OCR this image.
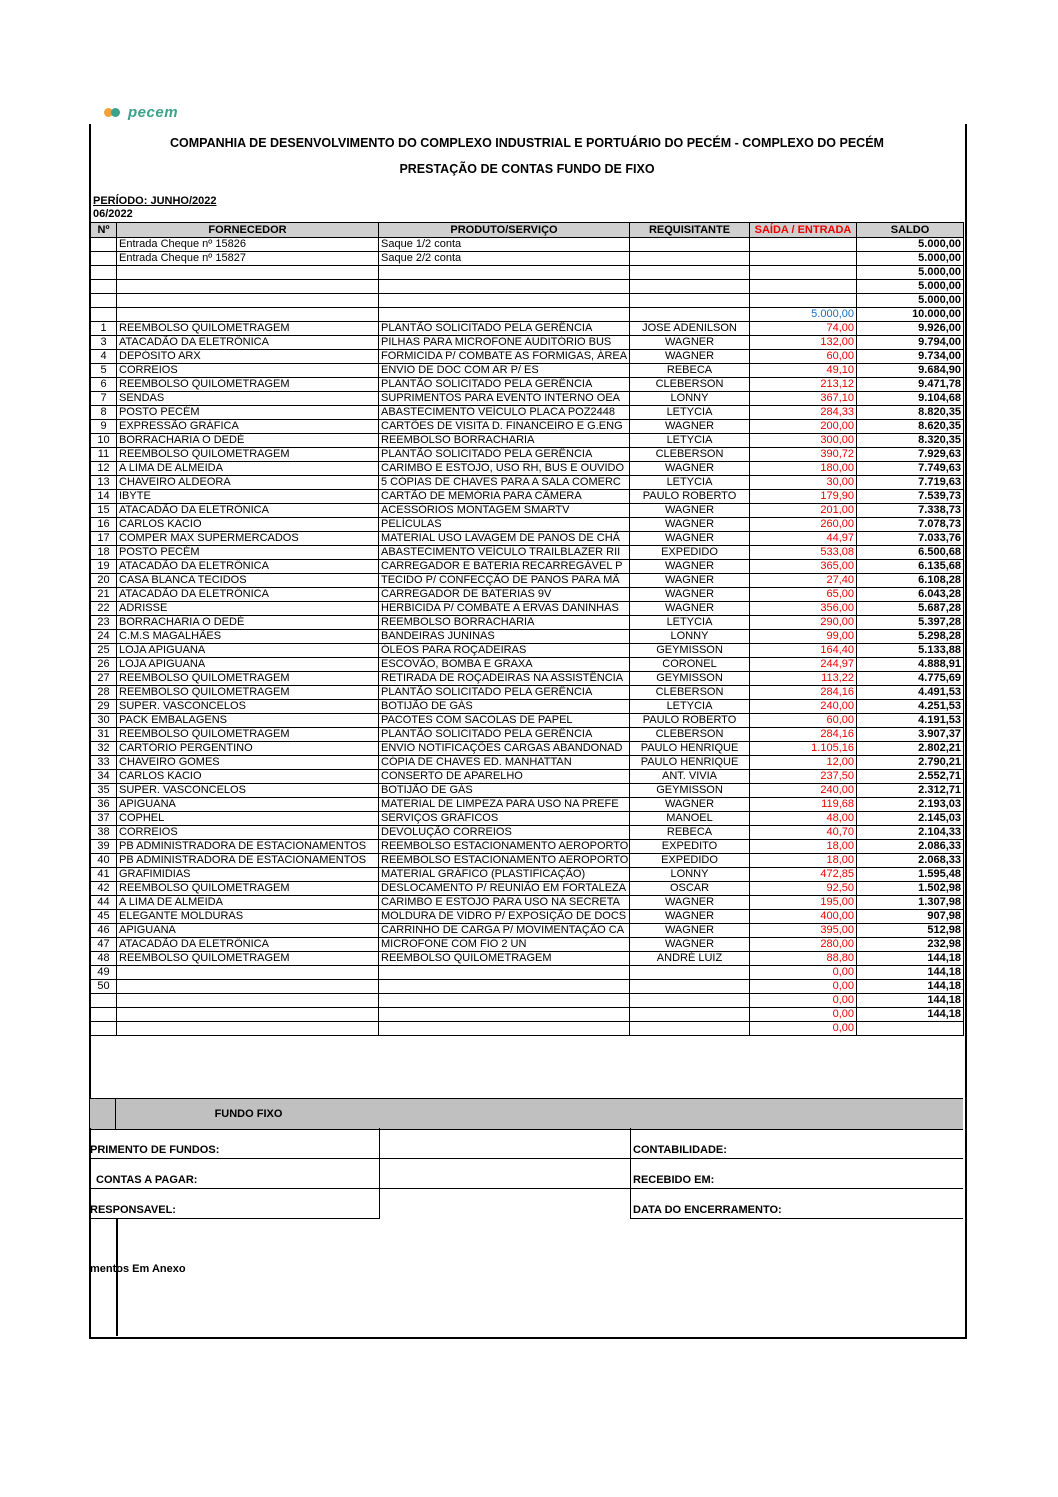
pecem
COMPANHIA DE DESENVOLVIMENTO DO COMPLEXO INDUSTRIAL E PORTUÁRIO DO PECÉM - COMPLEXO DO PECÉM
PRESTAÇÃO DE CONTAS FUNDO DE FIXO
PERÍODO: JUNHO/2022
06/2022
Nº	FORNECEDOR	PRODUTO/SERVIÇO	REQUISITANTE	SAÍDA / ENTRADA	SALDO
	Entrada Cheque nº 15826	Saque 1/2 conta			5.000,00
	Entrada Cheque nº 15827	Saque 2/2 conta			5.000,00
					5.000,00
					5.000,00
					5.000,00
				5.000,00	10.000,00
1	REEMBOLSO QUILOMETRAGEM	PLANTÃO SOLICITADO PELA GERÊNCIA	JOSE ADENILSON	74,00	9.926,00
3	ATACADÃO DA ELETRÔNICA	PILHAS PARA MICROFONE AUDITÓRIO BUS	WAGNER	132,00	9.794,00
4	DEPÓSITO ARX	FORMICIDA P/ COMBATE AS FORMIGAS, ÁREA	WAGNER	60,00	9.734,00
5	CORREIOS	ENVIO DE DOC COM AR P/ ES	REBECA	49,10	9.684,90
6	REEMBOLSO QUILOMETRAGEM	PLANTÃO SOLICITADO PELA GERÊNCIA	CLEBERSON	213,12	9.471,78
7	SENDAS	SUPRIMENTOS PARA EVENTO INTERNO OEA	LONNY	367,10	9.104,68
8	POSTO PECÉM	ABASTECIMENTO VEÍCULO PLACA POZ2448	LETYCIA	284,33	8.820,35
9	EXPRESSÃO GRÁFICA	CARTÕES DE VISITA D. FINANCEIRO E G.ENG	WAGNER	200,00	8.620,35
10	BORRACHARIA O DEDÉ	REEMBOLSO BORRACHARIA	LETYCIA	300,00	8.320,35
11	REEMBOLSO QUILOMETRAGEM	PLANTÃO SOLICITADO PELA GERÊNCIA	CLEBERSON	390,72	7.929,63
12	A LIMA DE ALMEIDA	CARIMBO E ESTOJO, USO RH, BUS E OUVIDO	WAGNER	180,00	7.749,63
13	CHAVEIRO ALDEORA	5 CÓPIAS DE CHAVES PARA A SALA COMERC	LETYCIA	30,00	7.719,63
14	IBYTE	CARTÃO DE MEMÓRIA PARA CÂMERA	PAULO ROBERTO	179,90	7.539,73
15	ATACADÃO DA ELETRÔNICA	ACESSÓRIOS MONTAGEM SMARTV	WAGNER	201,00	7.338,73
16	CARLOS KACIO	PELÍCULAS	WAGNER	260,00	7.078,73
17	COMPER MAX SUPERMERCADOS	MATERIAL USO LAVAGEM DE PANOS DE CHÃ	WAGNER	44,97	7.033,76
18	POSTO PECÉM	ABASTECIMENTO VEÍCULO TRAILBLAZER RII	EXPEDIDO	533,08	6.500,68
19	ATACADÃO DA ELETRÔNICA	CARREGADOR E BATERIA RECARREGÁVEL P	WAGNER	365,00	6.135,68
20	CASA BLANCA TECIDOS	TECIDO P/ CONFECÇÃO DE PANOS PARA MÃ	WAGNER	27,40	6.108,28
21	ATACADÃO DA ELETRÔNICA	CARREGADOR DE BATERIAS 9V	WAGNER	65,00	6.043,28
22	ADRISSE	HERBICIDA P/ COMBATE A ERVAS DANINHAS	WAGNER	356,00	5.687,28
23	BORRACHARIA O DEDÉ	REEMBOLSO BORRACHARIA	LETYCIA	290,00	5.397,28
24	C.M.S MAGALHÃES	BANDEIRAS JUNINAS	LONNY	99,00	5.298,28
25	LOJA APIGUANA	ÓLEOS PARA ROÇADEIRAS	GEYMISSON	164,40	5.133,88
26	LOJA APIGUANA	ESCOVÃO, BOMBA E GRAXA	CORONEL	244,97	4.888,91
27	REEMBOLSO QUILOMETRAGEM	RETIRADA DE ROÇADEIRAS NA ASSISTÊNCIA	GEYMISSON	113,22	4.775,69
28	REEMBOLSO QUILOMETRAGEM	PLANTÃO SOLICITADO PELA GERÊNCIA	CLEBERSON	284,16	4.491,53
29	SUPER. VASCONCELOS	BOTIJÃO DE GÁS	LETYCIA	240,00	4.251,53
30	PACK EMBALAGENS	PACOTES COM SACOLAS DE PAPEL	PAULO ROBERTO	60,00	4.191,53
31	REEMBOLSO QUILOMETRAGEM	PLANTÃO SOLICITADO PELA GERÊNCIA	CLEBERSON	284,16	3.907,37
32	CARTÓRIO PERGENTINO	ENVIO NOTIFICAÇÕES CARGAS ABANDONAD	PAULO HENRIQUE	1.105,16	2.802,21
33	CHAVEIRO GOMES	CÓPIA DE CHAVES ED. MANHATTAN	PAULO HENRIQUE	12,00	2.790,21
34	CARLOS KACIO	CONSERTO DE APARELHO	ANT. VIVIA	237,50	2.552,71
35	SUPER. VASCONCELOS	BOTIJÃO DE GÁS	GEYMISSON	240,00	2.312,71
36	APIGUANA	MATERIAL DE LIMPEZA PARA USO NA PREFE	WAGNER	119,68	2.193,03
37	COPHEL	SERVIÇOS GRÁFICOS	MANOEL	48,00	2.145,03
38	CORREIOS	DEVOLUÇÃO CORREIOS	REBECA	40,70	2.104,33
39	PB ADMINISTRADORA DE ESTACIONAMENTOS	REEMBOLSO ESTACIONAMENTO AEROPORTO	EXPEDITO	18,00	2.086,33
40	PB ADMINISTRADORA DE ESTACIONAMENTOS	REEMBOLSO ESTACIONAMENTO AEROPORTO	EXPEDIDO	18,00	2.068,33
41	GRAFIMIDIAS	MATERIAL GRÁFICO (PLASTIFICAÇÃO)	LONNY	472,85	1.595,48
42	REEMBOLSO QUILOMETRAGEM	DESLOCAMENTO P/ REUNIÃO EM FORTALEZA	OSCAR	92,50	1.502,98
44	A LIMA DE ALMEIDA	CARIMBO E ESTOJO PARA USO NA SECRETA	WAGNER	195,00	1.307,98
45	ELEGANTE MOLDURAS	MOLDURA DE VIDRO P/ EXPOSIÇÃO DE DOCS	WAGNER	400,00	907,98
46	APIGUANA	CARRINHO DE CARGA P/ MOVIMENTAÇÃO CA	WAGNER	395,00	512,98
47	ATACADÃO DA ELETRÔNICA	MICROFONE COM FIO 2 UN	WAGNER	280,00	232,98
48	REEMBOLSO QUILOMETRAGEM	REEMBOLSO QUILOMETRAGEM	ANDRÉ LUIZ	88,80	144,18
49				0,00	144,18
50				0,00	144,18
				0,00	144,18
				0,00	144,18
				0,00	
FUNDO FIXO
PRIMENTO DE FUNDOS:
CONTAS A PAGAR:
RESPONSAVEL:
CONTABILIDADE:
RECEBIDO EM:
DATA DO ENCERRAMENTO:
mentos Em Anexo
